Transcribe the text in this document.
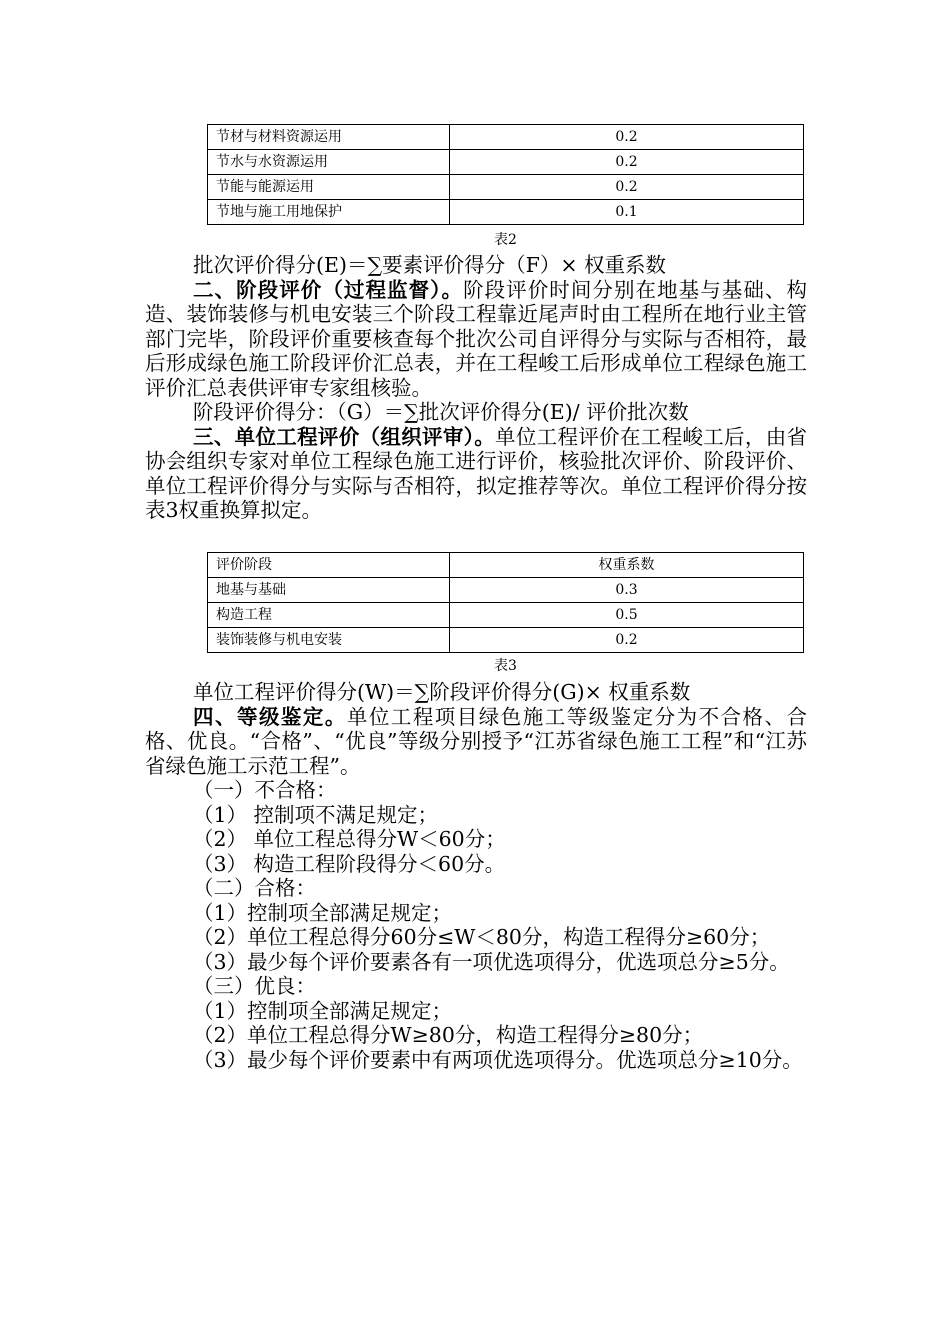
节材与材料资源运用	0.2
节水与水资源运用	0.2
节能与能源运用	0.2
节地与施工用地保护	0.1
表2

批次评价得分(E)＝∑要素评价得分（F）× 权重系数

二、阶段评价（过程监督）。阶段评价时间分别在地基与基础、构造、装饰装修与机电安装三个阶段工程靠近尾声时由工程所在地行业主管部门完毕，阶段评价重要核查每个批次公司自评得分与实际与否相符，最后形成绿色施工阶段评价汇总表，并在工程峻工后形成单位工程绿色施工评价汇总表供评审专家组核验。

阶段评价得分：（G）＝∑批次评价得分(E)/ 评价批次数

三、单位工程评价（组织评审）。单位工程评价在工程峻工后，由省协会组织专家对单位工程绿色施工进行评价，核验批次评价、阶段评价、单位工程评价得分与实际与否相符，拟定推荐等次。单位工程评价得分按表3权重换算拟定。

评价阶段	权重系数
地基与基础	0.3
构造工程	0.5
装饰装修与机电安装	0.2
表3

单位工程评价得分(W)＝∑阶段评价得分(G)× 权重系数

四、等级鉴定。单位工程项目绿色施工等级鉴定分为不合格、合格、优良。“合格”、“优良”等级分别授予“江苏省绿色施工工程”和“江苏省绿色施工示范工程”。

（一）不合格：

（1） 控制项不满足规定；

（2） 单位工程总得分W＜60分；

（3） 构造工程阶段得分＜60分。

（二）合格：

（1）控制项全部满足规定；

（2）单位工程总得分60分≤W＜80分，构造工程得分≥60分；

（3）最少每个评价要素各有一项优选项得分，优选项总分≥5分。

（三）优良：

（1）控制项全部满足规定；

（2）单位工程总得分W≥80分，构造工程得分≥80分；

（3）最少每个评价要素中有两项优选项得分。优选项总分≥10分。
